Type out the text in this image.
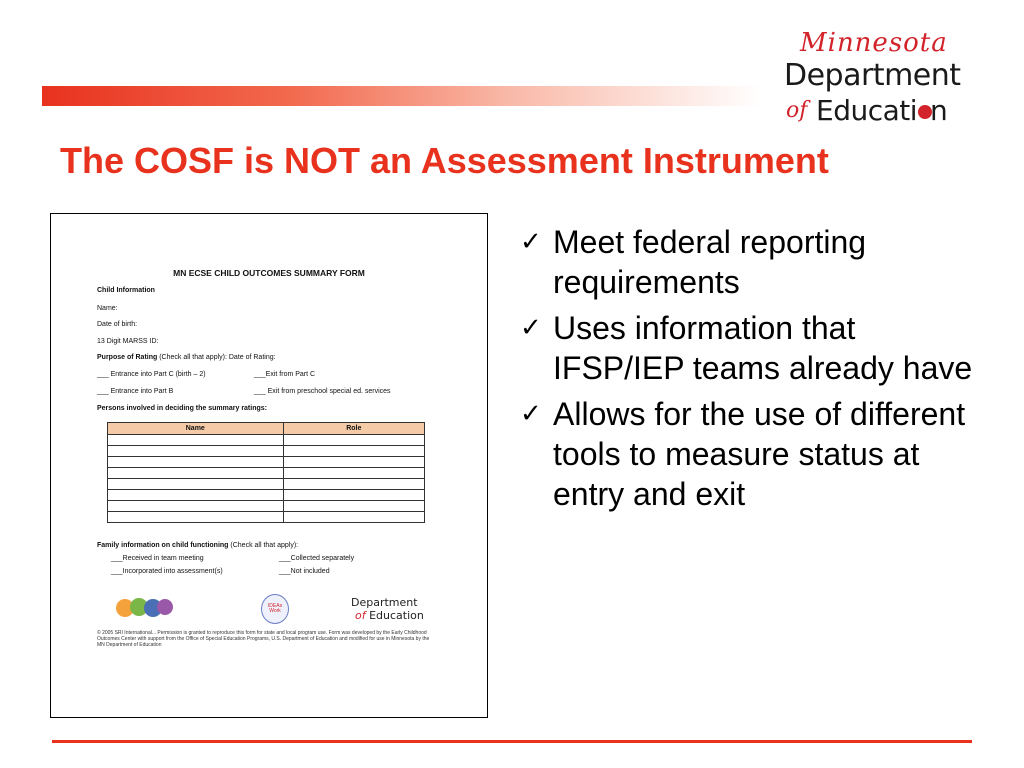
Minnesota
Department
of Educati n
The COSF is NOT an Assessment Instrument
MN ECSE CHILD OUTCOMES SUMMARY FORM
Child Information
Name:
Date of birth:
13 Digit MARSS ID:
Purpose of Rating (Check all that apply): Date of Rating:
___ Entrance into Part C (birth – 2)	___Exit from Part C
___ Entrance into Part B	___ Exit from preschool special ed. services
Persons involved in deciding the summary ratings:
Name	Role

Family information on child functioning (Check all that apply):
___Received in team meeting	___Collected separately
___Incorporated into assessment(s)	___Not included
IDEAs Work
Department
of Education
© 2005 SRI International... Permission is granted to reproduce this form for state and local program use. Form was developed by the Early Childhood Outcomes Center with support from the Office of Special Education Programs, U.S. Department of Education and modified for use in Minnesota by the MN Department of Education
✓ Meet federal reporting requirements
✓ Uses information that IFSP/IEP teams already have
✓ Allows for the use of different tools to measure status at entry and exit
